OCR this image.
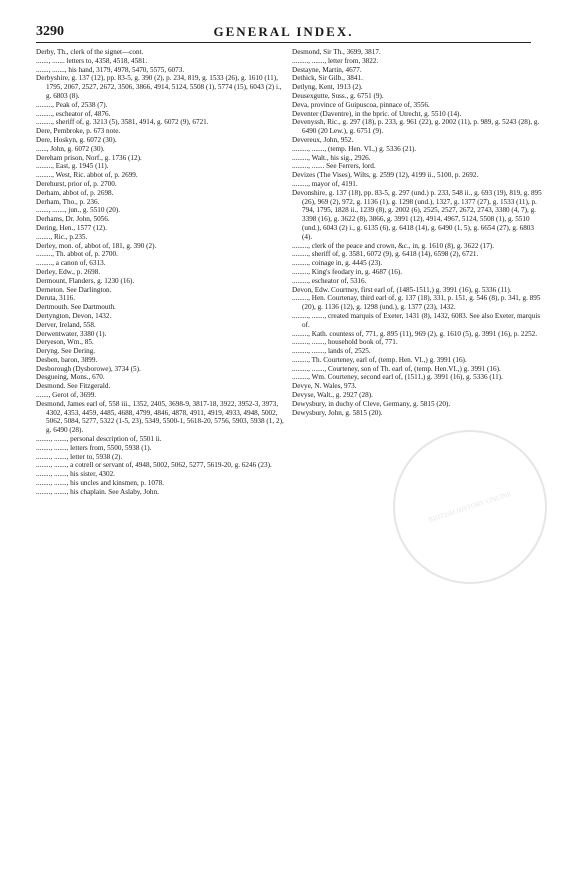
3290	GENERAL INDEX.

Derby, Th., clerk of the signet—cont.

......., ....... letters to, 4358, 4518, 4581.

......., ......., his hand, 3179, 4978, 5470, 5575, 6073.

Derbyshire, g. 137 (12), pp. 83-5, g. 390 (2), p. 234, 819, g. 1533 (26), g. 1610 (11), 1795, 2067, 2527, 2672, 3506, 3866, 4914, 5124, 5508 (1), 5774 (15), 6043 (2) i., g. 6803 (8).

........., Peak of, 2538 (7).

........., escheator of, 4876.

........., sheriff of, g. 3213 (5), 3581, 4914, g. 6072 (9), 6721.

Dere, Pembroke, p. 673 note.

Dere, Hoskyn, g. 6072 (30).

......, John, g. 6072 (30).

Dereham prison, Norf., g. 1736 (12).

........., East, g. 1945 (11).

........., West, Ric. abbot of, p. 2699.

Derehurst, prior of, p. 2700.

Derham, abbot of, p. 2698.

Derham, Tho., p. 236.

......., ......., jun., g. 5510 (20).

Derhams, Dr. John, 5056.

Dering, Hen., 1577 (12).

........, Ric., p.235.

Derley, mon. of, abbot of, 181, g. 390 (2).

........., Th. abbot of, p. 2700.

........., a canon of, 6313.

Derley, Edw., p. 2698.

Dermount, Flanders, g. 1230 (16).

Derneton. See Darlington.

Deruta, 3116.

Dertmouth. See Dartmouth.

Dertyngton, Devon, 1432.

Derver, Ireland, 558.

Derwentwater, 3380 (1).

Deryeson, Wm., 85.

Deryng. See Dering.

Desben, baron, 3899.

Desborough (Dysborowe), 3734 (5).

Desgueing, Mons., 670.

Desmond. See Fitzgerald.

......., Gerot of, 3699.

Desmond, James earl of, 558 iii., 1352, 2405, 3698-9, 3817-18, 3922, 3952-3, 3973, 4302, 4353, 4459, 4485, 4688, 4799, 4846, 4878, 4911, 4919, 4933, 4948, 5002, 5062, 5084, 5277, 5322 (1-5, 23), 5349, 5500-1, 5618-20, 5756, 5903, 5938 (1, 2), g. 6490 (28).

........, ......., personal description of, 5501 ii.

........, ......., letters from, 5500, 5938 (1).

........, ......., letter to, 5938 (2).

........, ......., a cotrell or servant of, 4948, 5002, 5062, 5277, 5619-20, g. 6246 (23).

........, ......., his sister, 4302.

........, ......., his uncles and kinsmen, p. 1078.

........, ......., his chaplain. See Aslaby, John.

Desmond, Sir Th., 3699, 3817.

........., ......., letter from, 3822.

Destayne, Martin, 4677.

Dethick, Sir Gilb., 3841.

Detlyng, Kent, 1913 (2).

Deusexgutte, Suss., g. 6751 (9).

Deva, province of Guipuscoa, pinnace of, 3556.

Deventer (Daventre), in the bpric. of Utrecht, g. 5510 (14).

Devenyssh, Ric., g. 297 (18), p. 233, g. 961 (22), g. 2002 (11), p. 989, g. 5243 (28), g. 6490 (20 Lew.), g. 6751 (9).

Devereux, John, 952.

........., ......., (temp. Hen. VI.,) g. 5336 (21).

........., Walt., his sig., 2926.

........., ....... See Ferrers, lord.

Devizes (The Vises), Wilts, g. 2599 (12), 4199 ii., 5100, p. 2692.

........., mayor of, 4191.

Devonshire, g. 137 (18), pp. 83-5, g. 297 (und.) p. 233, 548 ii., g. 693 (19), 819, g. 895 (26), 969 (2), 972, g. 1136 (1), g. 1298 (und.), 1327, g. 1377 (27), g. 1533 (11), p. 794, 1795, 1828 ii., 1239 (8), g. 2002 (6), 2525, 2527, 2672, 2743, 3380 (4, 7), g. 3398 (16), g. 3622 (8), 3866, g. 3991 (12), 4914, 4967, 5124, 5508 (1), g. 5510 (und.), 6043 (2) i., g. 6135 (6), g. 6418 (14), g. 6490 (1, 5), g. 6654 (27), g. 6803 (4).

........., clerk of the peace and crown, &c., in, g. 1610 (8), g. 3622 (17).

........., sheriff of, g. 3581, 6072 (9), g. 6418 (14), 6598 (2), 6721.

........., coinage in, g. 4445 (23).

........., King's feodary in, g. 4687 (16).

........., escheator of, 5316.

Devon, Edw. Courtney, first earl of, (1485-1511,) g. 3991 (16), g. 5336 (11).

........., Hen. Courtenay, third earl of, g. 137 (18), 331, p. 151, g. 546 (8), p. 341, g. 895 (20), g. 1136 (12), g. 1298 (und.), g. 1377 (23), 1432.

........., ......., created marquis of Exeter, 1431 (8), 1432, 6083. See also Exeter, marquis of.

........., Kath. countess of, 771, g. 895 (11), 969 (2), g. 1610 (5), g. 3991 (16), p. 2252.

........., ......., household book of, 771.

........., ......., lands of, 2525.

........., Th. Courteney, earl of, (temp. Hen. VI.,) g. 3991 (16).

........., ......., Courteney, son of Th. earl of, (temp. Hen.VI.,) g. 3991 (16).

........., Wm. Courteney, second earl of, (1511,) g. 3991 (16), g. 5336 (11).

Devye, N. Wales, 973.

Devyse, Walt., g. 2927 (28).

Dewysbury, in duchy of Cleve, Germany, g. 5815 (20).

Dewysbury, John, g. 5815 (20).

BRITISH HISTORY ONLINE
